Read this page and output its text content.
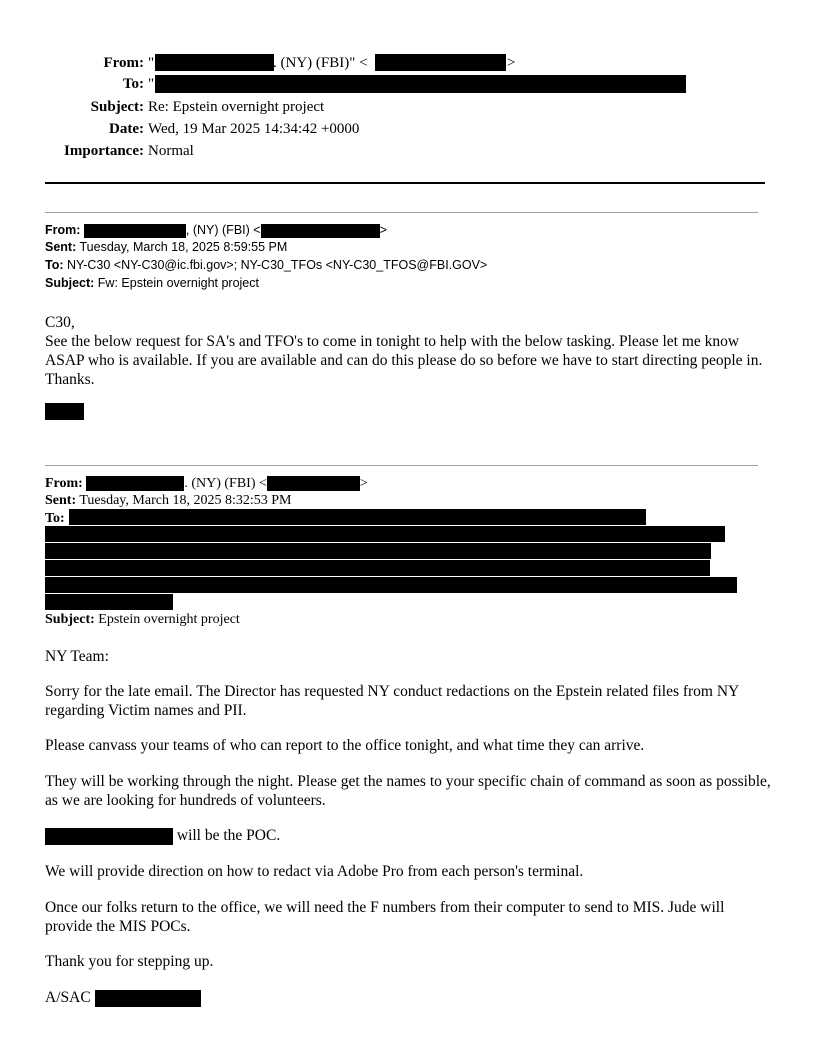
From: "	. (NY) (FBI)" <	>
To: "
Subject: Re: Epstein overnight project
Date: Wed, 19 Mar 2025 14:34:42 +0000
Importance: Normal
From:	, (NY) (FBI) <	>
Sent: Tuesday, March 18, 2025 8:59:55 PM
To: NY-C30 <NY-C30@ic.fbi.gov>; NY-C30_TFOs <NY-C30_TFOS@FBI.GOV>
Subject: Fw: Epstein overnight project
C30,
See the below request for SA's and TFO's to come in tonight to help with the below tasking. Please let me know ASAP who is available. If you are available and can do this please do so before we have to start directing people in. Thanks.
From:	. (NY) (FBI) <	>
Sent: Tuesday, March 18, 2025 8:32:53 PM
To:
Subject: Epstein overnight project
NY Team:
Sorry for the late email. The Director has requested NY conduct redactions on the Epstein related files from NY regarding Victim names and PII.
Please canvass your teams of who can report to the office tonight, and what time they can arrive.
They will be working through the night. Please get the names to your specific chain of command as soon as possible, as we are looking for hundreds of volunteers.
will be the POC.
We will provide direction on how to redact via Adobe Pro from each person's terminal.
Once our folks return to the office, we will need the F numbers from their computer to send to MIS. Jude will provide the MIS POCs.
Thank you for stepping up.
A/SAC
